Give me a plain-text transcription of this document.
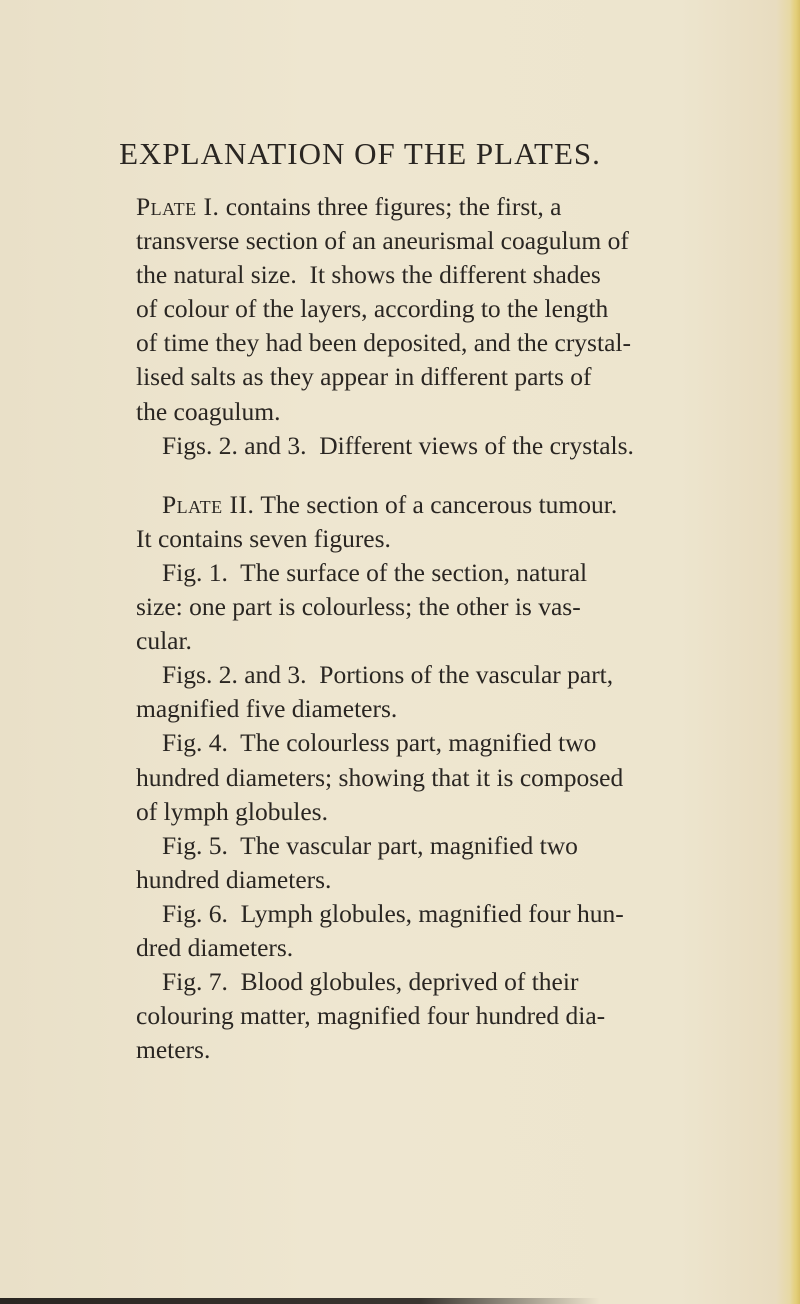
EXPLANATION OF THE PLATES.
Plate I. contains three figures; the first, a
transverse section of an aneurismal coagulum of
the natural size.  It shows the different shades
of colour of the layers, according to the length
of time they had been deposited, and the crystal-
lised salts as they appear in different parts of
the coagulum.
Figs. 2. and 3.  Different views of the crystals.
Plate II. The section of a cancerous tumour.
It contains seven figures.
Fig. 1.  The surface of the section, natural
size: one part is colourless; the other is vas-
cular.
Figs. 2. and 3.  Portions of the vascular part,
magnified five diameters.
Fig. 4.  The colourless part, magnified two
hundred diameters; showing that it is composed
of lymph globules.
Fig. 5.  The vascular part, magnified two
hundred diameters.
Fig. 6.  Lymph globules, magnified four hun-
dred diameters.
Fig. 7.  Blood globules, deprived of their
colouring matter, magnified four hundred dia-
meters.
